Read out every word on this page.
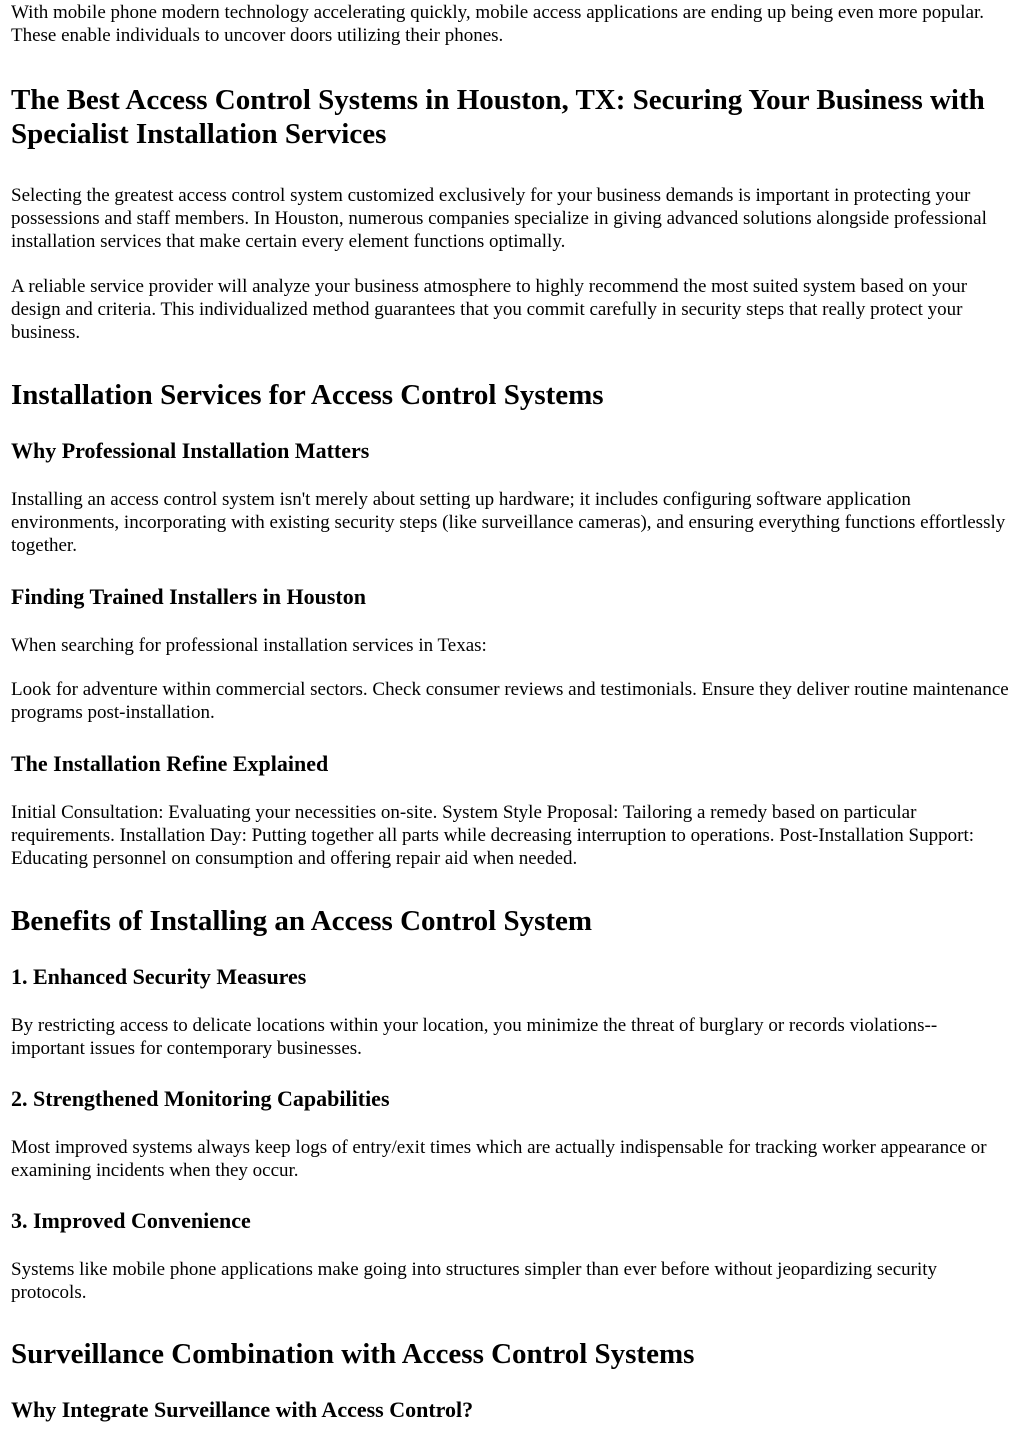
With mobile phone modern technology accelerating quickly, mobile access applications are ending up being even more popular. These enable individuals to uncover doors utilizing their phones.

The Best Access Control Systems in Houston, TX: Securing Your Business with Specialist Installation Services

Selecting the greatest access control system customized exclusively for your business demands is important in protecting your possessions and staff members. In Houston, numerous companies specialize in giving advanced solutions alongside professional installation services that make certain every element functions optimally.

A reliable service provider will analyze your business atmosphere to highly recommend the most suited system based on your design and criteria. This individualized method guarantees that you commit carefully in security steps that really protect your business.

Installation Services for Access Control Systems
Why Professional Installation Matters

Installing an access control system isn't merely about setting up hardware; it includes configuring software application environments, incorporating with existing security steps (like surveillance cameras), and ensuring everything functions effortlessly together.

Finding Trained Installers in Houston

When searching for professional installation services in Texas:

Look for adventure within commercial sectors. Check consumer reviews and testimonials. Ensure they deliver routine maintenance programs post-installation.

The Installation Refine Explained

Initial Consultation: Evaluating your necessities on-site. System Style Proposal: Tailoring a remedy based on particular requirements. Installation Day: Putting together all parts while decreasing interruption to operations. Post-Installation Support: Educating personnel on consumption and offering repair aid when needed.

Benefits of Installing an Access Control System
1. Enhanced Security Measures

By restricting access to delicate locations within your location, you minimize the threat of burglary or records violations-- important issues for contemporary businesses.

2. Strengthened Monitoring Capabilities

Most improved systems always keep logs of entry/exit times which are actually indispensable for tracking worker appearance or examining incidents when they occur.

3. Improved Convenience

Systems like mobile phone applications make going into structures simpler than ever before without jeopardizing security protocols.

Surveillance Combination with Access Control Systems
Why Integrate Surveillance with Access Control?
